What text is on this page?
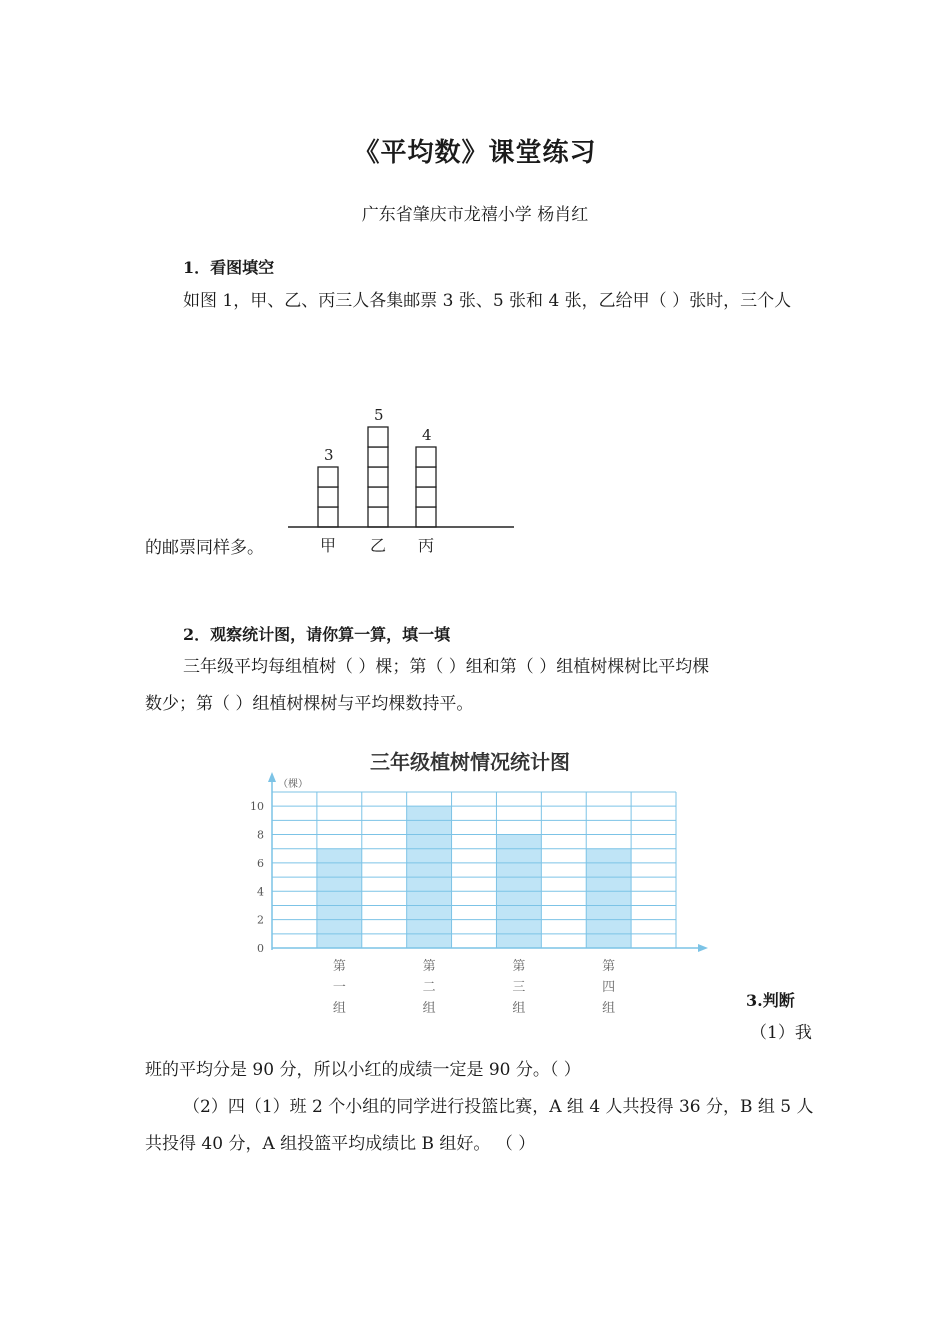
《平均数》课堂练习
广东省肇庆市龙禧小学 杨肖红
1．看图填空
如图 1，甲、乙、丙三人各集邮票 3 张、5 张和 4 张，乙给甲（ ）张时，三个人
3
甲
5
乙
4
丙
的邮票同样多。
2．观察统计图，请你算一算，填一填
三年级平均每组植树（ ）棵；第（ ）组和第（ ）组植树棵树比平均棵
数少；第（ ）组植树棵树与平均棵数持平。
三年级植树情况统计图
（棵）
0
2
4
6
8
10
第一组
第二组
第三组
第四组	3.判断
（1）我
班的平均分是 90 分，所以小红的成绩一定是 90 分。（ ）
（2）四（1）班 2 个小组的同学进行投篮比赛，A 组 4 人共投得 36 分，B 组 5 人
共投得 40 分，A 组投篮平均成绩比 B 组好。 （ ）
